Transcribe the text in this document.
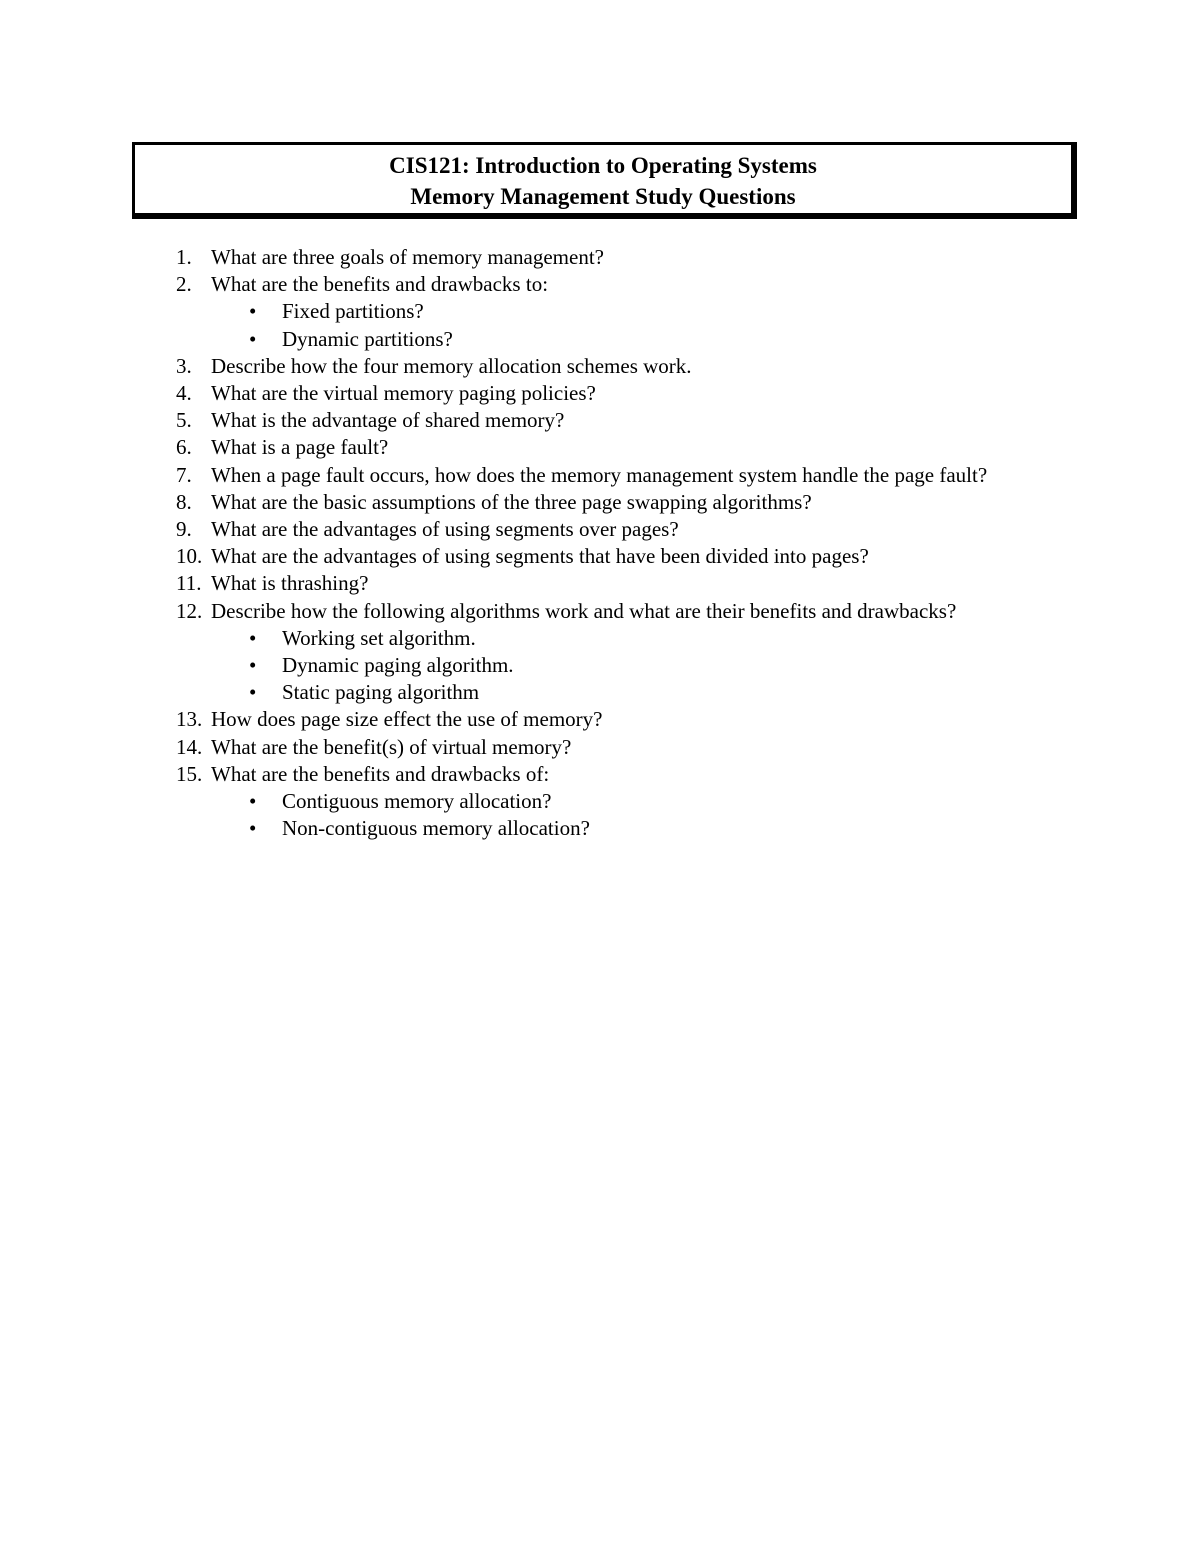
CIS121: Introduction to Operating Systems
Memory Management Study Questions
1. What are three goals of memory management?
2. What are the benefits and drawbacks to:
• Fixed partitions?
• Dynamic partitions?
3. Describe how the four memory allocation schemes work.
4. What are the virtual memory paging policies?
5. What is the advantage of shared memory?
6. What is a page fault?
7. When a page fault occurs, how does the memory management system handle the page fault?
8. What are the basic assumptions of the three page swapping algorithms?
9. What are the advantages of using segments over pages?
10. What are the advantages of using segments that have been divided into pages?
11. What is thrashing?
12. Describe how the following algorithms work and what are their benefits and drawbacks?
• Working set algorithm.
• Dynamic paging algorithm.
• Static paging algorithm
13. How does page size effect the use of memory?
14. What are the benefit(s) of virtual memory?
15. What are the benefits and drawbacks of:
• Contiguous memory allocation?
• Non-contiguous memory allocation?
